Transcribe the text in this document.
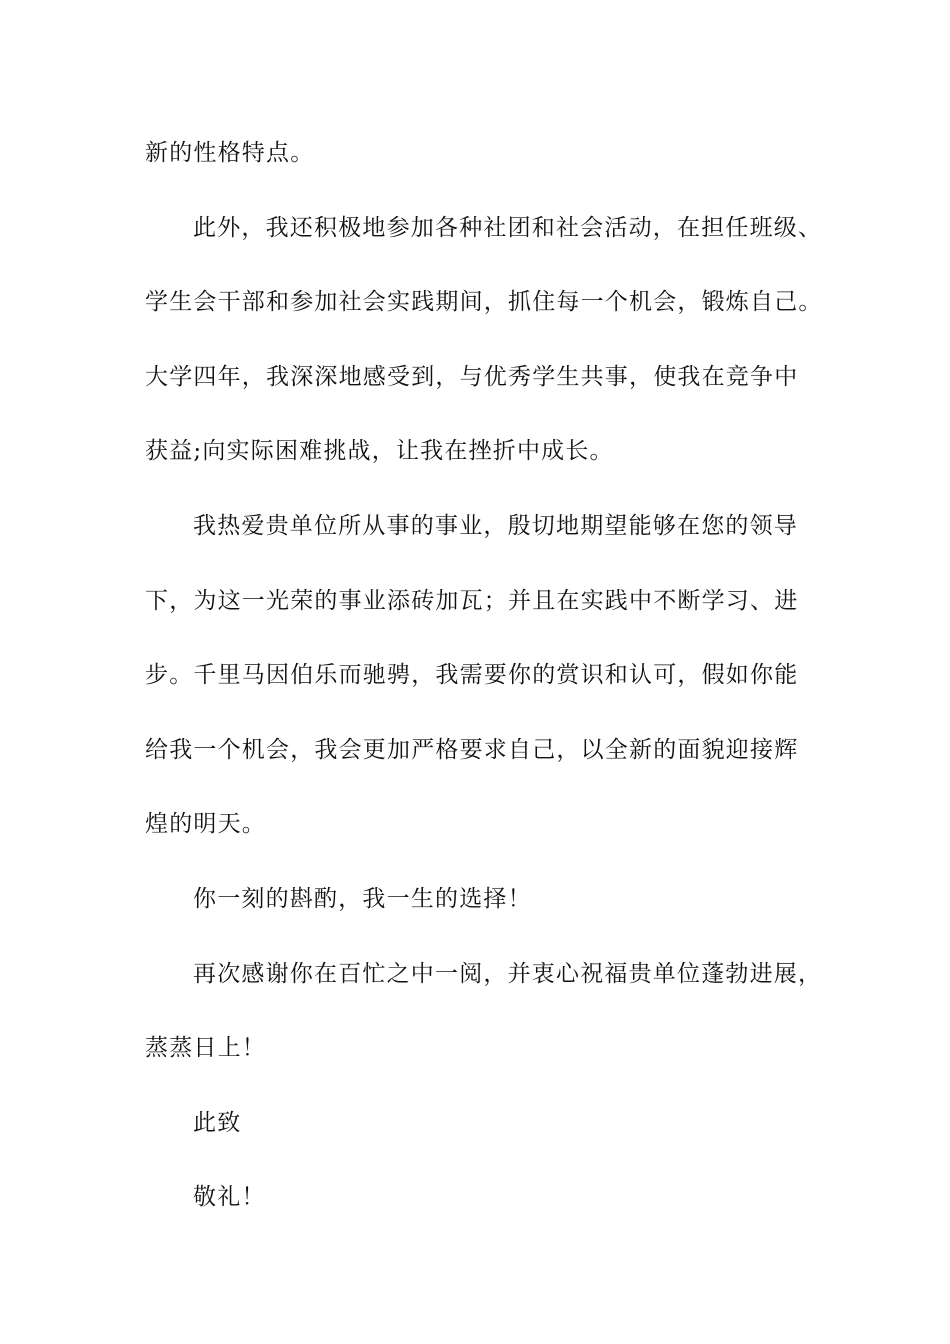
新的性格特点。
此外，我还积极地参加各种社团和社会活动，在担任班级、
学生会干部和参加社会实践期间，抓住每一个机会，锻炼自己。
大学四年，我深深地感受到，与优秀学生共事，使我在竞争中
获益;向实际困难挑战，让我在挫折中成长。
我热爱贵单位所从事的事业，殷切地期望能够在您的领导
下，为这一光荣的事业添砖加瓦；并且在实践中不断学习、进
步。千里马因伯乐而驰骋，我需要你的赏识和认可，假如你能
给我一个机会，我会更加严格要求自己，以全新的面貌迎接辉
煌的明天。
你一刻的斟酌，我一生的选择！
再次感谢你在百忙之中一阅，并衷心祝福贵单位蓬勃进展，
蒸蒸日上！
此致
敬礼！
